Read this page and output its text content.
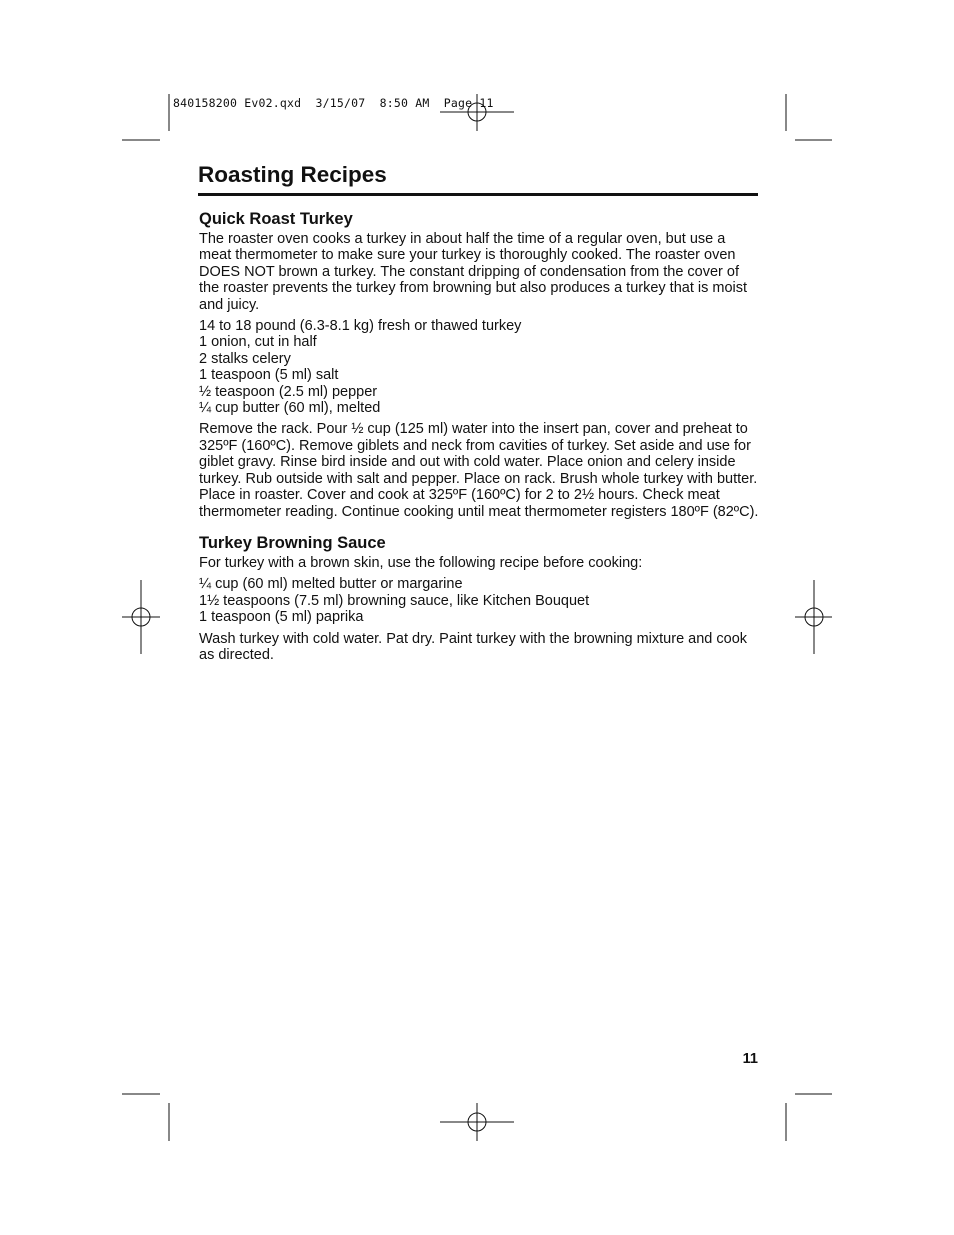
840158200 Ev02.qxd  3/15/07  8:50 AM  Page 11
Roasting Recipes
Quick Roast Turkey

The roaster oven cooks a turkey in about half the time of a regular oven, but use a meat thermometer to make sure your turkey is thoroughly cooked. The roaster oven DOES NOT brown a turkey. The constant dripping of condensation from the cover of the roaster prevents the turkey from browning but also produces a turkey that is moist and juicy.

14 to 18 pound (6.3-8.1 kg) fresh or thawed turkey
1 onion, cut in half
2 stalks celery
1 teaspoon (5 ml) salt
½ teaspoon (2.5 ml) pepper
¼ cup butter (60 ml), melted

Remove the rack. Pour ½ cup (125 ml) water into the insert pan, cover and preheat to 325ºF (160ºC). Remove giblets and neck from cavities of turkey. Set aside and use for giblet gravy. Rinse bird inside and out with cold water. Place onion and celery inside turkey. Rub outside with salt and pepper. Place on rack. Brush whole turkey with butter. Place in roaster. Cover and cook at 325ºF (160ºC) for 2 to 2½ hours. Check meat thermometer reading. Continue cooking until meat thermometer registers 180ºF (82ºC).

Turkey Browning Sauce

For turkey with a brown skin, use the following recipe before cooking:

¼ cup (60 ml) melted butter or margarine
1½ teaspoons (7.5 ml) browning sauce, like Kitchen Bouquet
1 teaspoon (5 ml) paprika

Wash turkey with cold water. Pat dry. Paint turkey with the browning mixture and cook as directed.

11
